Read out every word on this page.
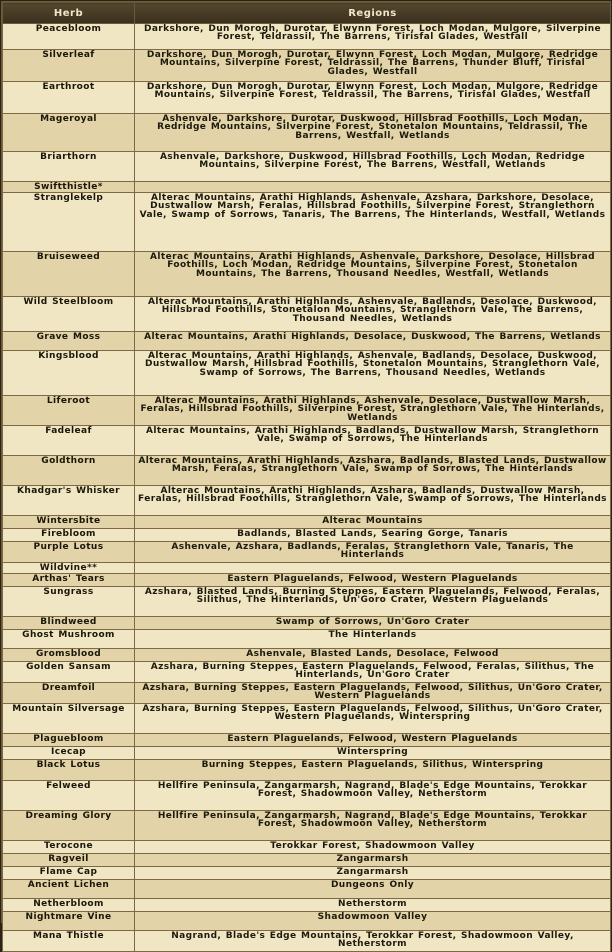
Herb	Regions
Peacebloom	Darkshore, Dun Morogh, Durotar, Elwynn Forest, Loch Modan, Mulgore, Silverpine Forest, Teldrassil, The Barrens, Tirisfal Glades, Westfall
Silverleaf	Darkshore, Dun Morogh, Durotar, Elwynn Forest, Loch Modan, Mulgore, Redridge Mountains, Silverpine Forest, Teldrassil, The Barrens, Thunder Bluff, Tirisfal Glades, Westfall
Earthroot	Darkshore, Dun Morogh, Durotar, Elwynn Forest, Loch Modan, Mulgore, Redridge Mountains, Silverpine Forest, Teldrassil, The Barrens, Tirisfal Glades, Westfall
Mageroyal	Ashenvale, Darkshore, Durotar, Duskwood, Hillsbrad Foothills, Loch Modan, Redridge Mountains, Silverpine Forest, Stonetalon Mountains, Teldrassil, The Barrens, Westfall, Wetlands
Briarthorn	Ashenvale, Darkshore, Duskwood, Hillsbrad Foothills, Loch Modan, Redridge Mountains, Silverpine Forest, The Barrens, Westfall, Wetlands
Swiftthistle*	
Stranglekelp	Alterac Mountains, Arathi Highlands, Ashenvale, Azshara, Darkshore, Desolace, Dustwallow Marsh, Feralas, Hillsbrad Foothills, Silverpine Forest, Stranglethorn Vale, Swamp of Sorrows, Tanaris, The Barrens, The Hinterlands, Westfall, Wetlands
Bruiseweed	Alterac Mountains, Arathi Highlands, Ashenvale, Darkshore, Desolace, Hillsbrad Foothills, Loch Modan, Redridge Mountains, Silverpine Forest, Stonetalon Mountains, The Barrens, Thousand Needles, Westfall, Wetlands
Wild Steelbloom	Alterac Mountains, Arathi Highlands, Ashenvale, Badlands, Desolace, Duskwood, Hillsbrad Foothills, Stonetalon Mountains, Stranglethorn Vale, The Barrens, Thousand Needles, Wetlands
Grave Moss	Alterac Mountains, Arathi Highlands, Desolace, Duskwood, The Barrens, Wetlands
Kingsblood	Alterac Mountains, Arathi Highlands, Ashenvale, Badlands, Desolace, Duskwood, Dustwallow Marsh, Hillsbrad Foothills, Stonetalon Mountains, Stranglethorn Vale, Swamp of Sorrows, The Barrens, Thousand Needles, Wetlands
Liferoot	Alterac Mountains, Arathi Highlands, Ashenvale, Desolace, Dustwallow Marsh, Feralas, Hillsbrad Foothills, Silverpine Forest, Stranglethorn Vale, The Hinterlands, Wetlands
Fadeleaf	Alterac Mountains, Arathi Highlands, Badlands, Dustwallow Marsh, Stranglethorn Vale, Swamp of Sorrows, The Hinterlands
Goldthorn	Alterac Mountains, Arathi Highlands, Azshara, Badlands, Blasted Lands, Dustwallow Marsh, Feralas, Stranglethorn Vale, Swamp of Sorrows, The Hinterlands
Khadgar's Whisker	Alterac Mountains, Arathi Highlands, Azshara, Badlands, Dustwallow Marsh, Feralas, Hillsbrad Foothills, Stranglethorn Vale, Swamp of Sorrows, The Hinterlands
Wintersbite	Alterac Mountains
Firebloom	Badlands, Blasted Lands, Searing Gorge, Tanaris
Purple Lotus	Ashenvale, Azshara, Badlands, Feralas, Stranglethorn Vale, Tanaris, The Hinterlands
Wildvine**	
Arthas' Tears	Eastern Plaguelands, Felwood, Western Plaguelands
Sungrass	Azshara, Blasted Lands, Burning Steppes, Eastern Plaguelands, Felwood, Feralas, Silithus, The Hinterlands, Un'Goro Crater, Western Plaguelands
Blindweed	Swamp of Sorrows, Un'Goro Crater
Ghost Mushroom	The Hinterlands
Gromsblood	Ashenvale, Blasted Lands, Desolace, Felwood
Golden Sansam	Azshara, Burning Steppes, Eastern Plaguelands, Felwood, Feralas, Silithus, The Hinterlands, Un'Goro Crater
Dreamfoil	Azshara, Burning Steppes, Eastern Plaguelands, Felwood, Silithus, Un'Goro Crater, Western Plaguelands
Mountain Silversage	Azshara, Burning Steppes, Eastern Plaguelands, Felwood, Silithus, Un'Goro Crater, Western Plaguelands, Winterspring
Plaguebloom	Eastern Plaguelands, Felwood, Western Plaguelands
Icecap	Winterspring
Black Lotus	Burning Steppes, Eastern Plaguelands, Silithus, Winterspring
Felweed	Hellfire Peninsula, Zangarmarsh, Nagrand, Blade's Edge Mountains, Terokkar Forest, Shadowmoon Valley, Netherstorm
Dreaming Glory	Hellfire Peninsula, Zangarmarsh, Nagrand, Blade's Edge Mountains, Terokkar Forest, Shadowmoon Valley, Netherstorm
Terocone	Terokkar Forest, Shadowmoon Valley
Ragveil	Zangarmarsh
Flame Cap	Zangarmarsh
Ancient Lichen	Dungeons Only
Netherbloom	Netherstorm
Nightmare Vine	Shadowmoon Valley
Mana Thistle	Nagrand, Blade's Edge Mountains, Terokkar Forest, Shadowmoon Valley, Netherstorm
